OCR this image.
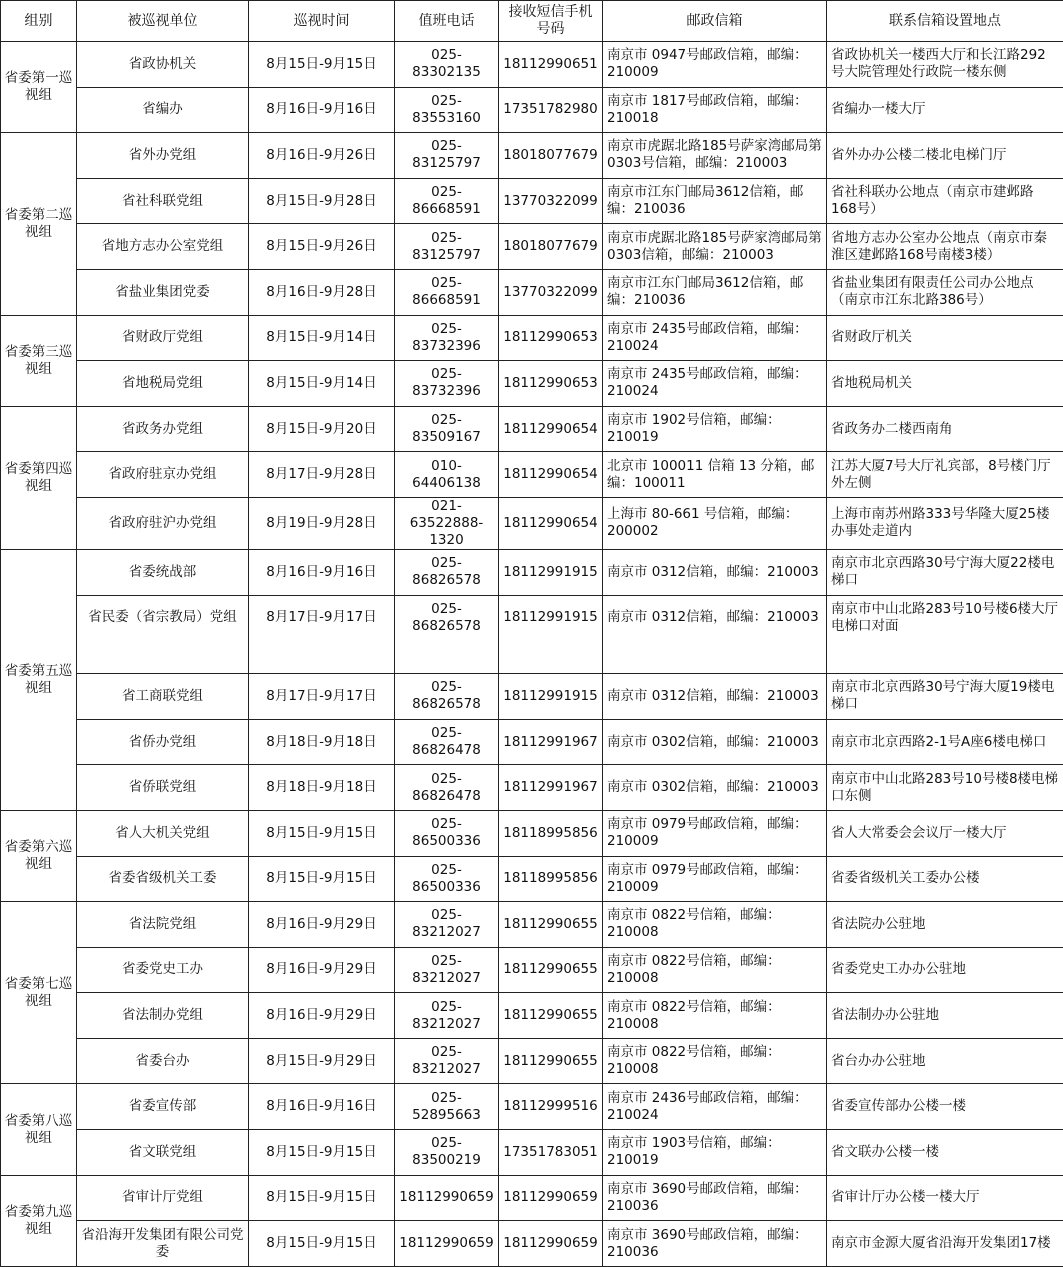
组别	被巡视单位	巡视时间	值班电话	接收短信手机号码	邮政信箱	联系信箱设置地点
省委第一巡视组	省政协机关	8月15日-9月15日	025-83302135	18112990651	南京市 0947号邮政信箱，邮编：210009	省政协机关一楼西大厅和长江路292号大院管理处行政院一楼东侧
	省编办	8月16日-9月16日	025-83553160	17351782980	南京市 1817号邮政信箱，邮编：210018	省编办一楼大厅
省委第二巡视组	省外办党组	8月16日-9月26日	025-83125797	18018077679	南京市虎踞北路185号萨家湾邮局第0303号信箱，邮编：210003	省外办办公楼二楼北电梯门厅
	省社科联党组	8月15日-9月28日	025-86668591	13770322099	南京市江东门邮局3612信箱，邮编：210036	省社科联办公地点（南京市建邺路168号）
	省地方志办公室党组	8月15日-9月26日	025-83125797	18018077679	南京市虎踞北路185号萨家湾邮局第0303信箱，邮编：210003	省地方志办公室办公地点（南京市秦淮区建邺路168号南楼3楼）
	省盐业集团党委	8月16日-9月28日	025-86668591	13770322099	南京市江东门邮局3612信箱，邮编：210036	省盐业集团有限责任公司办公地点（南京市江东北路386号）
省委第三巡视组	省财政厅党组	8月15日-9月14日	025-83732396	18112990653	南京市 2435号邮政信箱，邮编：210024	省财政厅机关
	省地税局党组	8月15日-9月14日	025-83732396	18112990653	南京市 2435号邮政信箱，邮编：210024	省地税局机关
省委第四巡视组	省政务办党组	8月15日-9月20日	025-83509167	18112990654	南京市 1902号信箱，邮编：210019	省政务办二楼西南角
	省政府驻京办党组	8月17日-9月28日	010-64406138	18112990654	北京市 100011 信箱 13 分箱，邮编：100011	江苏大厦7号大厅礼宾部，8号楼门厅外左侧
	省政府驻沪办党组	8月19日-9月28日	021-63522888-1320	18112990654	上海市 80-661 号信箱，邮编：200002	上海市南苏州路333号华隆大厦25楼办事处走道内
省委第五巡视组	省委统战部	8月16日-9月16日	025-86826578	18112991915	南京市 0312信箱，邮编：210003	南京市北京西路30号宁海大厦22楼电梯口
	省民委（省宗教局）党组	8月17日-9月17日	025-86826578	18112991915	南京市 0312信箱，邮编：210003	南京市中山北路283号10号楼6楼大厅电梯口对面

	省工商联党组	8月17日-9月17日	025-86826578	18112991915	南京市 0312信箱，邮编：210003	南京市北京西路30号宁海大厦19楼电梯口
	省侨办党组	8月18日-9月18日	025-86826478	18112991967	南京市 0302信箱，邮编：210003	南京市北京西路2-1号A座6楼电梯口
	省侨联党组	8月18日-9月18日	025-86826478	18112991967	南京市 0302信箱，邮编：210003	南京市中山北路283号10号楼8楼电梯口东侧
省委第六巡视组	省人大机关党组	8月15日-9月15日	025-86500336	18118995856	南京市 0979号邮政信箱，邮编：210009	省人大常委会会议厅一楼大厅
	省委省级机关工委	8月15日-9月15日	025-86500336	18118995856	南京市 0979号邮政信箱，邮编：210009	省委省级机关工委办公楼
省委第七巡视组	省法院党组	8月16日-9月29日	025-83212027	18112990655	南京市 0822号信箱，邮编：210008	省法院办公驻地
	省委党史工办	8月16日-9月29日	025-83212027	18112990655	南京市 0822号信箱，邮编：210008	省委党史工办办公驻地
	省法制办党组	8月16日-9月29日	025-83212027	18112990655	南京市 0822号信箱，邮编：210008	省法制办办公驻地
	省委台办	8月15日-9月29日	025-83212027	18112990655	南京市 0822号信箱，邮编：210008	省台办办公驻地
省委第八巡视组	省委宣传部	8月16日-9月16日	025-52895663	18112999516	南京市 2436号邮政信箱，邮编：210024	省委宣传部办公楼一楼
	省文联党组	8月15日-9月15日	025-83500219	17351783051	南京市 1903号信箱，邮编：210019	省文联办公楼一楼
省委第九巡视组	省审计厅党组	8月15日-9月15日	18112990659	18112990659	南京市 3690号邮政信箱，邮编：210036	省审计厅办公楼一楼大厅
	省沿海开发集团有限公司党委	8月15日-9月15日	18112990659	18112990659	南京市 3690号邮政信箱，邮编：210036	南京市金源大厦省沿海开发集团17楼
